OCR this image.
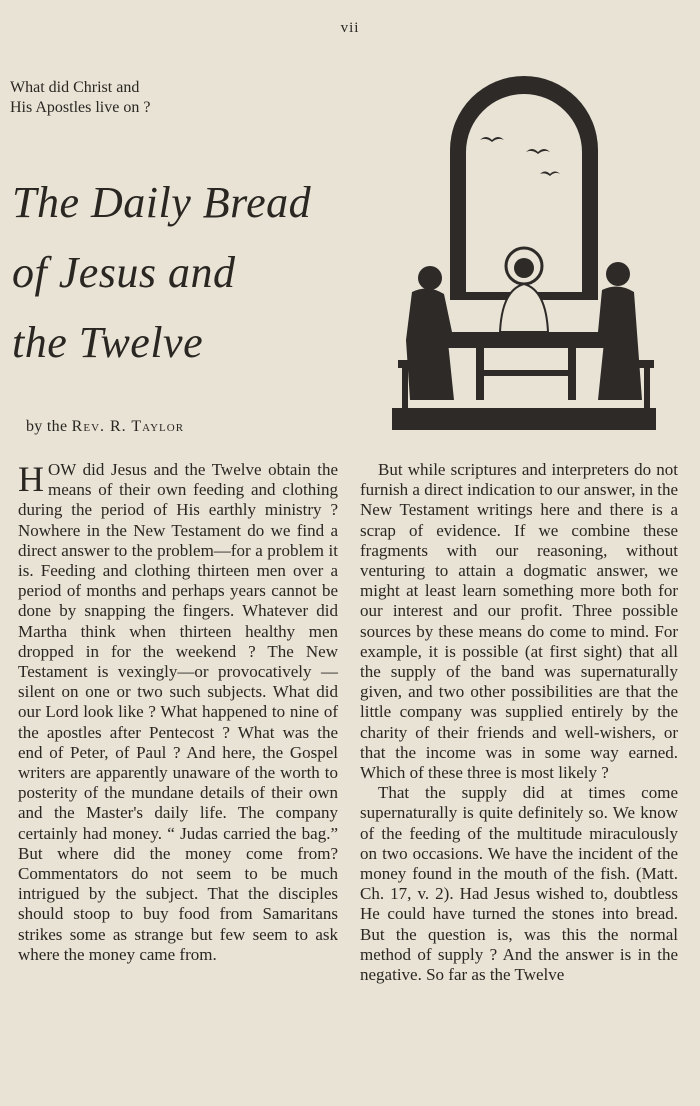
vii
What did Christ and
His Apostles live on ?
The Daily Bread
of Jesus and
the Twelve
by the Rev. R. Taylor

HOW did Jesus and the Twelve obtain the means of their own feeding and clothing during the period of His earthly ministry ? Nowhere in the New Testament do we find a direct answer to the problem—for a problem it is. Feeding and clothing thirteen men over a period of months and perhaps years cannot be done by snapping the fingers. Whatever did Martha think when thirteen healthy men dropped in for the weekend ? The New Testament is vexingly—or provocatively —silent on one or two such subjects. What did our Lord look like ? What happened to nine of the apostles after Pentecost ? What was the end of Peter, of Paul ? And here, the Gospel writers are apparently unaware of the worth to posterity of the mundane details of their own and the Master's daily life. The company certainly had money. “ Judas carried the bag.” But where did the money come from? Commentators do not seem to be much intrigued by the subject. That the disciples should stoop to buy food from Samaritans strikes some as strange but few seem to ask where the money came from.

But while scriptures and interpreters do not furnish a direct indication to our answer, in the New Testament writings here and there is a scrap of evidence. If we combine these fragments with our reasoning, without venturing to attain a dogmatic answer, we might at least learn something more both for our interest and our profit. Three possible sources by these means do come to mind. For example, it is possible (at first sight) that all the supply of the band was supernaturally given, and two other possibilities are that the little company was supplied entirely by the charity of their friends and well-wishers, or that the income was in some way earned. Which of these three is most likely ?

That the supply did at times come supernaturally is quite definitely so. We know of the feeding of the multitude miraculously on two occasions. We have the incident of the money found in the mouth of the fish. (Matt. Ch. 17, v. 2). Had Jesus wished to, doubtless He could have turned the stones into bread. But the question is, was this the normal method of supply ? And the answer is in the negative. So far as the Twelve
